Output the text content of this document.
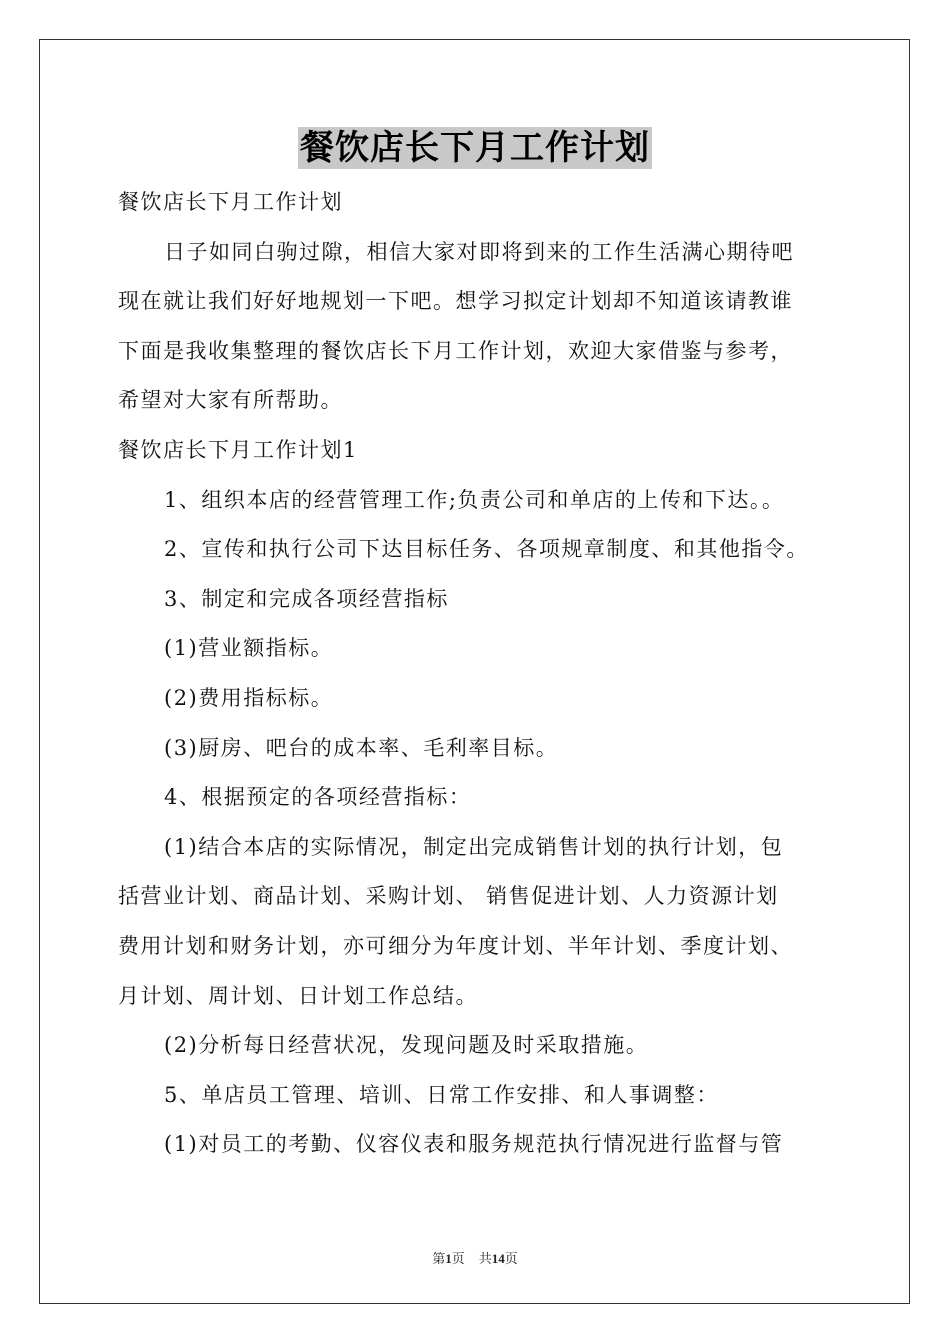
餐饮店长下月工作计划
餐饮店长下月工作计划
日子如同白驹过隙，相信大家对即将到来的工作生活满心期待吧
现在就让我们好好地规划一下吧。想学习拟定计划却不知道该请教谁
下面是我收集整理的餐饮店长下月工作计划，欢迎大家借鉴与参考，
希望对大家有所帮助。
餐饮店长下月工作计划1
1、组织本店的经营管理工作;负责公司和单店的上传和下达。。
2、宣传和执行公司下达目标任务、各项规章制度、和其他指令。
3、制定和完成各项经营指标
(1)营业额指标。
(2)费用指标标。
(3)厨房、吧台的成本率、毛利率目标。
4、根据预定的各项经营指标：
(1)结合本店的实际情况，制定出完成销售计划的执行计划，包
括营业计划、商品计划、采购计划、 销售促进计划、人力资源计划
费用计划和财务计划，亦可细分为年度计划、半年计划、季度计划、
月计划、周计划、日计划工作总结。
(2)分析每日经营状况，发现问题及时采取措施。
5、单店员工管理、培训、日常工作安排、和人事调整：
(1)对员工的考勤、仪容仪表和服务规范执行情况进行监督与管
第1页 共14页
